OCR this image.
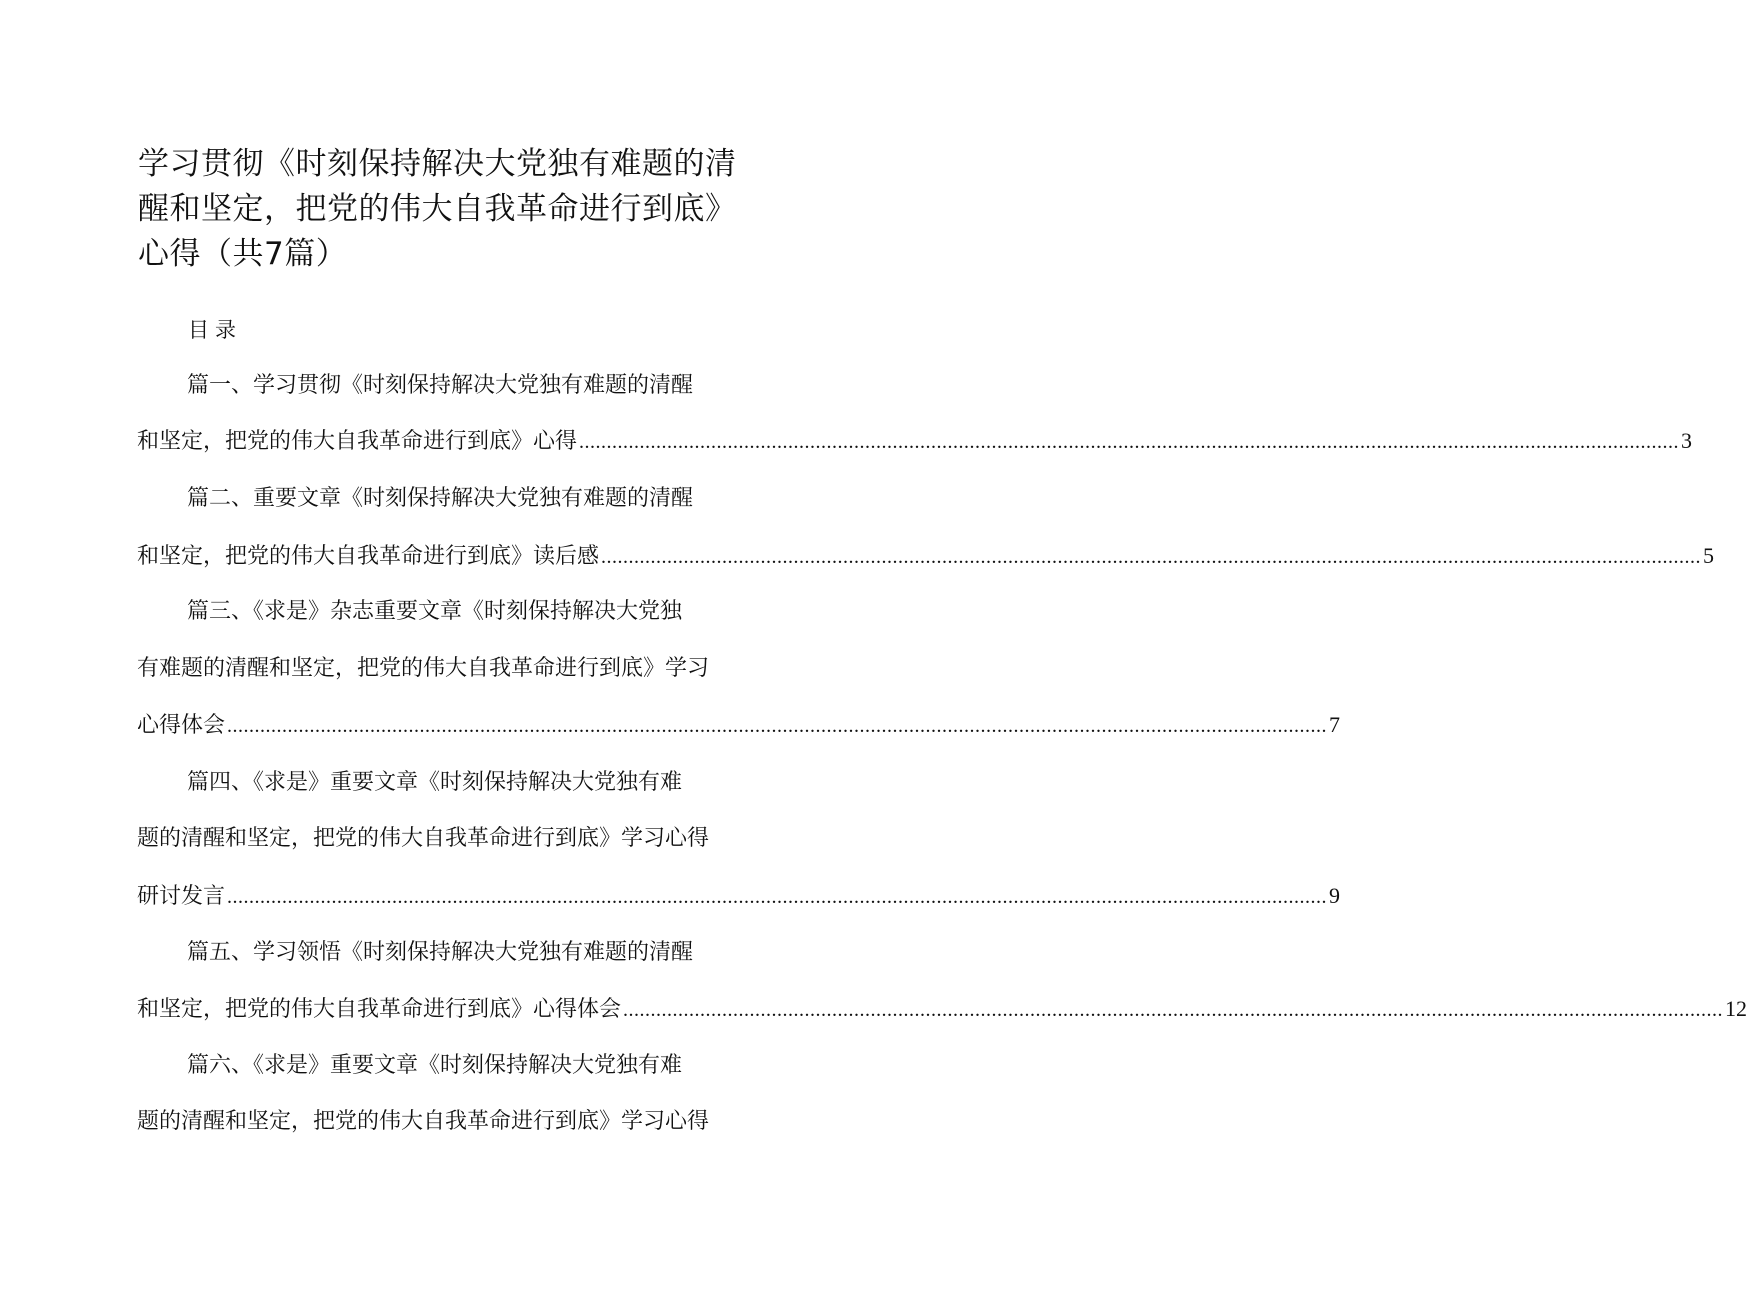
学习贯彻《时刻保持解决大党独有难题的清
醒和坚定，把党的伟大自我革命进行到底》
心得（共7篇）
目录
篇一、学习贯彻《时刻保持解决大党独有难题的清醒
和坚定，把党的伟大自我革命进行到底》心得 ........................................................................................................................................................................................................ 3
篇二、重要文章《时刻保持解决大党独有难题的清醒
和坚定，把党的伟大自我革命进行到底》读后感 ........................................................................................................................................................................................................ 5
篇三、《求是》杂志重要文章《时刻保持解决大党独
有难题的清醒和坚定，把党的伟大自我革命进行到底》学习
心得体会 ........................................................................................................................................................................................................ 7
篇四、《求是》重要文章《时刻保持解决大党独有难
题的清醒和坚定，把党的伟大自我革命进行到底》学习心得
研讨发言 ........................................................................................................................................................................................................ 9
篇五、学习领悟《时刻保持解决大党独有难题的清醒
和坚定，把党的伟大自我革命进行到底》心得体会 ........................................................................................................................................................................................................ 12
篇六、《求是》重要文章《时刻保持解决大党独有难
题的清醒和坚定，把党的伟大自我革命进行到底》学习心得
